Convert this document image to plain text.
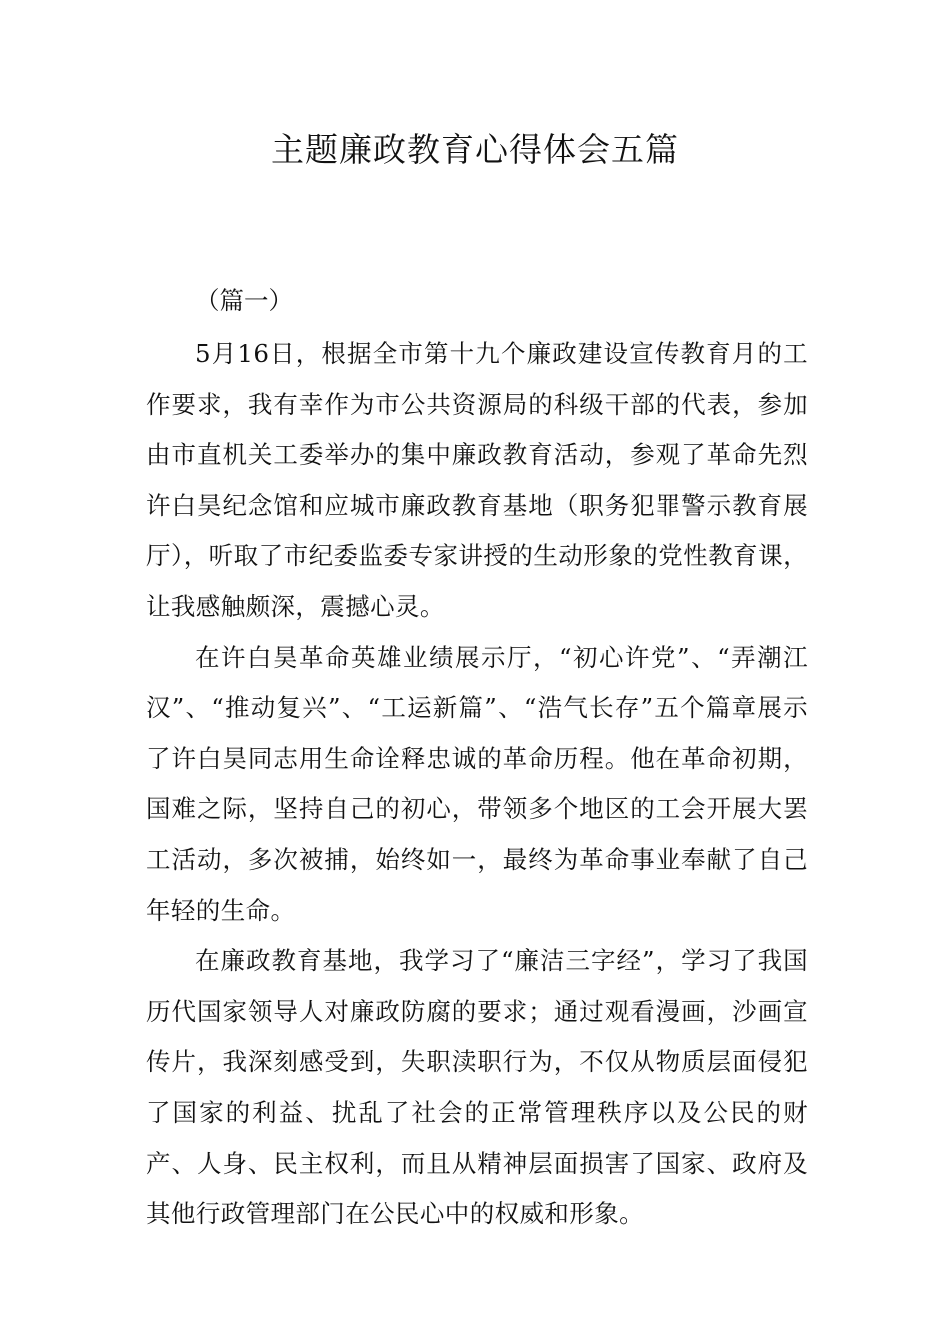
主题廉政教育心得体会五篇

（篇一）

5月16日，根据全市第十九个廉政建设宣传教育月的工作要求，我有幸作为市公共资源局的科级干部的代表，参加由市直机关工委举办的集中廉政教育活动，参观了革命先烈许白昊纪念馆和应城市廉政教育基地（职务犯罪警示教育展厅），听取了市纪委监委专家讲授的生动形象的党性教育课，让我感触颇深，震撼心灵。

在许白昊革命英雄业绩展示厅，“初心许党”、“弄潮江汉”、“推动复兴”、“工运新篇”、“浩气长存”五个篇章展示了许白昊同志用生命诠释忠诚的革命历程。他在革命初期，国难之际，坚持自己的初心，带领多个地区的工会开展大罢工活动，多次被捕，始终如一，最终为革命事业奉献了自己年轻的生命。

在廉政教育基地，我学习了“廉洁三字经”，学习了我国历代国家领导人对廉政防腐的要求；通过观看漫画，沙画宣传片，我深刻感受到，失职渎职行为，不仅从物质层面侵犯了国家的利益、扰乱了社会的正常管理秩序以及公民的财产、人身、民主权利，而且从精神层面损害了国家、政府及其他行政管理部门在公民心中的权威和形象。
